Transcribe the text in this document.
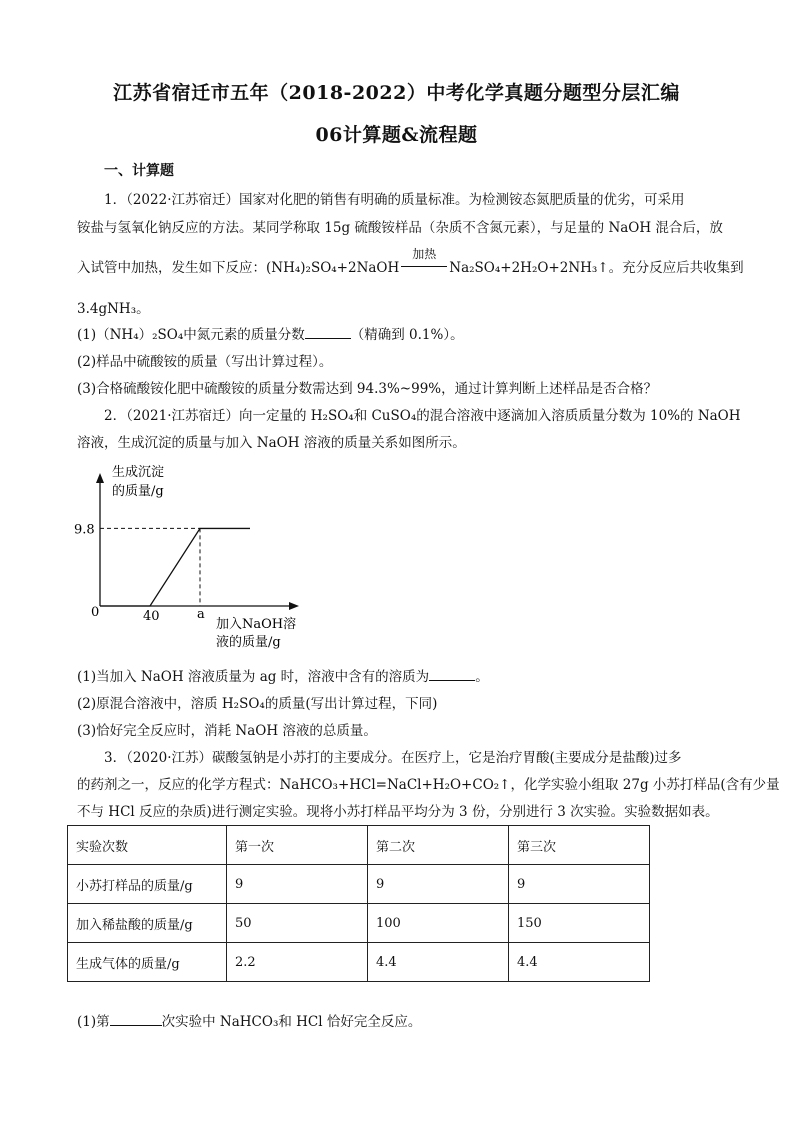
江苏省宿迁市五年（2018-2022）中考化学真题分题型分层汇编
06计算题&流程题
一、计算题
1．（2022·江苏宿迁）国家对化肥的销售有明确的质量标准。为检测铵态氮肥质量的优劣，可采用
铵盐与氢氧化钠反应的方法。某同学称取 15g 硫酸铵样品（杂质不含氮元素），与足量的 NaOH 混合后，放
入试管中加热，发生如下反应：(NH₄)₂SO₄+2NaOH
加热
Na₂SO₄+2H₂O+2NH₃↑。充分反应后共收集到
3.4gNH₃。
(1)（NH₄）₂SO₄中氮元素的质量分数	（精确到 0.1%）。
(2)样品中硫酸铵的质量（写出计算过程）。
(3)合格硫酸铵化肥中硫酸铵的质量分数需达到 94.3%~99%，通过计算判断上述样品是否合格？
2．（2021·江苏宿迁）向一定量的 H₂SO₄和 CuSO₄的混合溶液中逐滴加入溶质质量分数为 10%的 NaOH
溶液，生成沉淀的质量与加入 NaOH 溶液的质量关系如图所示。
生成沉淀
的质量/g
0
9.8
40	a
加入NaOH溶
液的质量/g
(1)当加入 NaOH 溶液质量为 ag 时，溶液中含有的溶质为	。
(2)原混合溶液中，溶质 H₂SO₄的质量(写出计算过程，下同)
(3)恰好完全反应时，消耗 NaOH 溶液的总质量。
3．（2020·江苏）碳酸氢钠是小苏打的主要成分。在医疗上，它是治疗胃酸(主要成分是盐酸)过多
的药剂之一，反应的化学方程式：NaHCO₃+HCl=NaCl+H₂O+CO₂↑，化学实验小组取 27g 小苏打样品(含有少量
不与 HCl 反应的杂质)进行测定实验。现将小苏打样品平均分为 3 份，分别进行 3 次实验。实验数据如表。
实验次数	第一次	第二次	第三次
小苏打样品的质量/g	9	9	9
加入稀盐酸的质量/g	50	100	150
生成气体的质量/g	2.2	4.4	4.4
(1)第	次实验中 NaHCO₃和 HCl 恰好完全反应。
